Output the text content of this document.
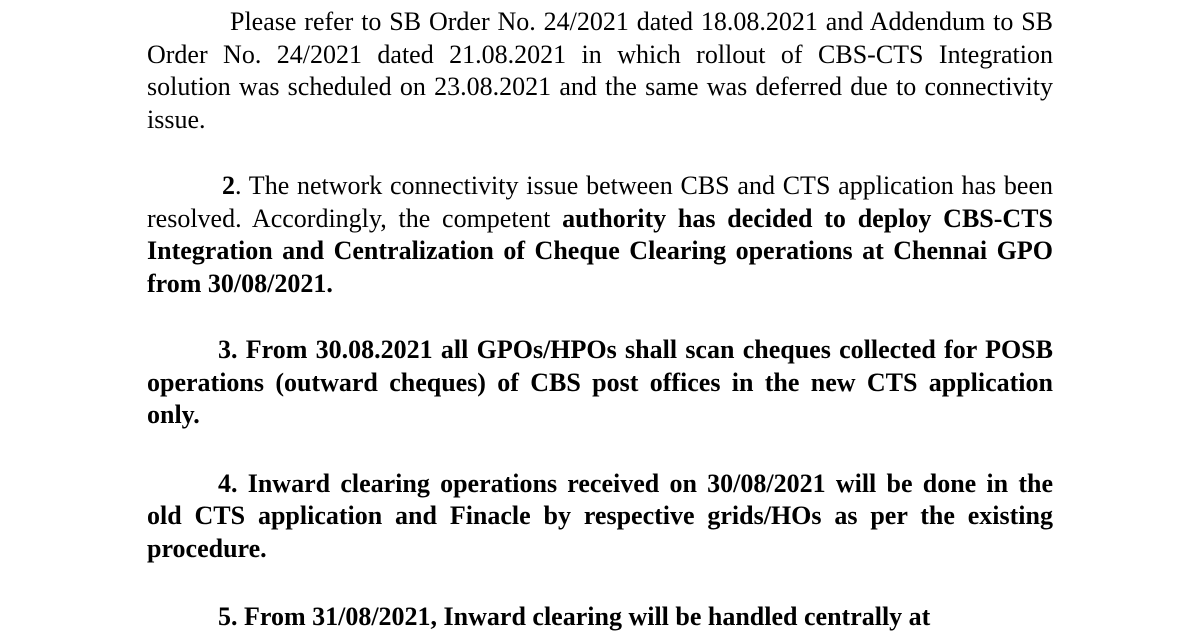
Please refer to SB Order No. 24/2021 dated 18.08.2021 and Addendum to SB Order No. 24/2021 dated 21.08.2021 in which rollout of CBS-CTS Integration solution was scheduled on 23.08.2021 and the same was deferred due to connectivity issue.

2. The network connectivity issue between CBS and CTS application has been resolved. Accordingly, the competent authority has decided to deploy CBS-CTS Integration and Centralization of Cheque Clearing operations at Chennai GPO from 30/08/2021.

3. From 30.08.2021 all GPOs/HPOs shall scan cheques collected for POSB operations (outward cheques) of CBS post offices in the new CTS application only.

4. Inward clearing operations received on 30/08/2021 will be done in the old CTS application and Finacle by respective grids/HOs as per the existing procedure.

5. From 31/08/2021, Inward clearing will be handled centrally at
